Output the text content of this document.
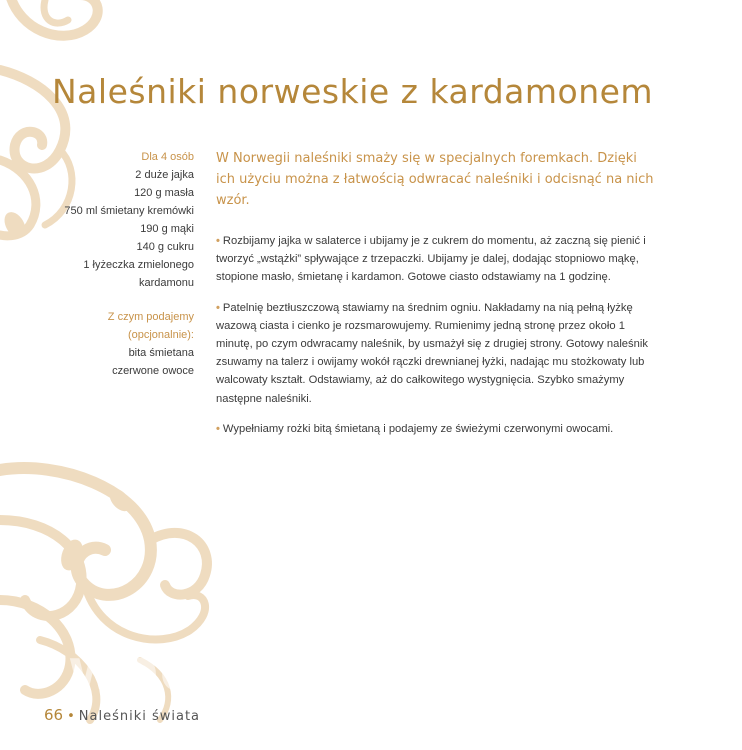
Naleśniki norweskie z kardamonem

Dla 4 osób

2 duże jajka

120 g masła

750 ml śmietany kremówki

190 g mąki

140 g cukru

1 łyżeczka zmielonego

kardamonu

Z czym podajemy

(opcjonalnie):

bita śmietana

czerwone owoce

W Norwegii naleśniki smaży się w specjalnych foremkach. Dzięki ich użyciu można z łatwością odwracać naleśniki i odcisnąć na nich wzór.

• Rozbijamy jajka w salaterce i ubijamy je z cukrem do momentu, aż zaczną się pienić i tworzyć „wstążki” spływające z trzepaczki. Ubijamy je dalej, dodając stopniowo mąkę, stopione masło, śmietanę i kardamon. Gotowe ciasto odstawiamy na 1 godzinę.

• Patelnię beztłuszczową stawiamy na średnim ogniu. Nakładamy na nią pełną łyżkę wazową ciasta i cienko je rozsmarowujemy. Rumienimy jedną stronę przez około 1 minutę, po czym odwracamy naleśnik, by usmażył się z drugiej strony. Gotowy naleśnik zsuwamy na talerz i owijamy wokół rączki drewnianej łyżki, nadając mu stożkowaty lub walcowaty kształt. Odstawiamy, aż do całkowitego wystygnięcia. Szybko smażymy następne naleśniki.

• Wypełniamy rożki bitą śmietaną i podajemy ze świeżymi czerwonymi owocami.

wedlinydomowe.pl
66 • Naleśniki świata
